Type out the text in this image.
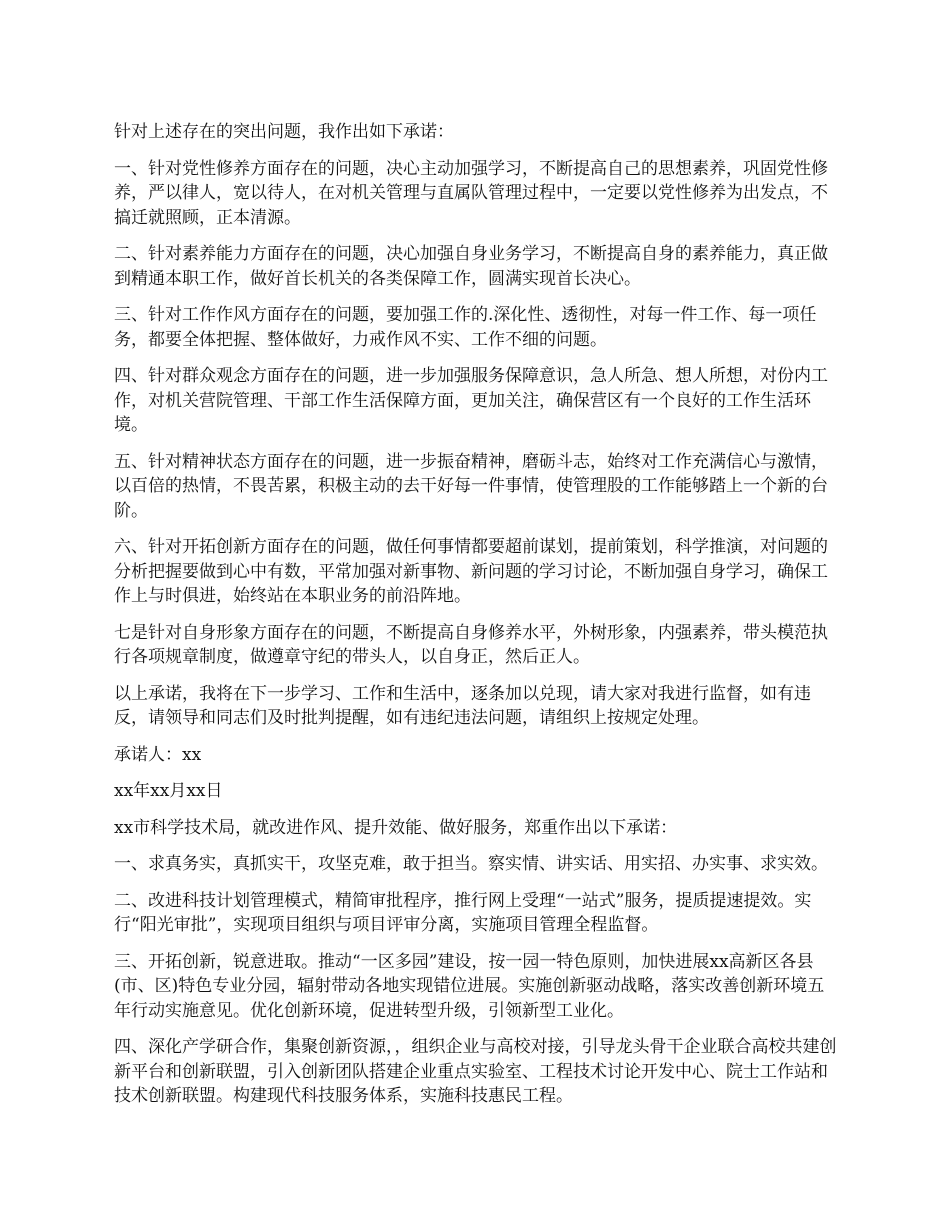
针对上述存在的突出问题，我作出如下承诺：

一、针对党性修养方面存在的问题，决心主动加强学习，不断提高自己的思想素养，巩固党性修养，严以律人，宽以待人，在对机关管理与直属队管理过程中，一定要以党性修养为出发点，不搞迁就照顾，正本清源。

二、针对素养能力方面存在的问题，决心加强自身业务学习，不断提高自身的素养能力，真正做到精通本职工作，做好首长机关的各类保障工作，圆满实现首长决心。

三、针对工作作风方面存在的问题，要加强工作的.深化性、透彻性，对每一件工作、每一项任务，都要全体把握、整体做好，力戒作风不实、工作不细的问题。

四、针对群众观念方面存在的问题，进一步加强服务保障意识，急人所急、想人所想，对份内工作，对机关营院管理、干部工作生活保障方面，更加关注，确保营区有一个良好的工作生活环境。

五、针对精神状态方面存在的问题，进一步振奋精神，磨砺斗志，始终对工作充满信心与激情，以百倍的热情，不畏苦累，积极主动的去干好每一件事情，使管理股的工作能够踏上一个新的台阶。

六、针对开拓创新方面存在的问题，做任何事情都要超前谋划，提前策划，科学推演，对问题的分析把握要做到心中有数，平常加强对新事物、新问题的学习讨论，不断加强自身学习，确保工作上与时俱进，始终站在本职业务的前沿阵地。

七是针对自身形象方面存在的问题，不断提高自身修养水平，外树形象，内强素养，带头模范执行各项规章制度，做遵章守纪的带头人，以自身正，然后正人。

以上承诺，我将在下一步学习、工作和生活中，逐条加以兑现，请大家对我进行监督，如有违反，请领导和同志们及时批判提醒，如有违纪违法问题，请组织上按规定处理。

承诺人：xx

xx年xx月xx日

xx市科学技术局，就改进作风、提升效能、做好服务，郑重作出以下承诺：

一、求真务实，真抓实干，攻坚克难，敢于担当。察实情、讲实话、用实招、办实事、求实效。

二、改进科技计划管理模式，精简审批程序，推行网上受理“一站式”服务，提质提速提效。实行“阳光审批”，实现项目组织与项目评审分离，实施项目管理全程监督。

三、开拓创新，锐意进取。推动“一区多园”建设，按一园一特色原则，加快进展xx高新区各县(市、区)特色专业分园，辐射带动各地实现错位进展。实施创新驱动战略，落实改善创新环境五年行动实施意见。优化创新环境，促进转型升级，引领新型工业化。

四、深化产学研合作，集聚创新资源，，组织企业与高校对接，引导龙头骨干企业联合高校共建创新平台和创新联盟，引入创新团队搭建企业重点实验室、工程技术讨论开发中心、院士工作站和技术创新联盟。构建现代科技服务体系，实施科技惠民工程。
